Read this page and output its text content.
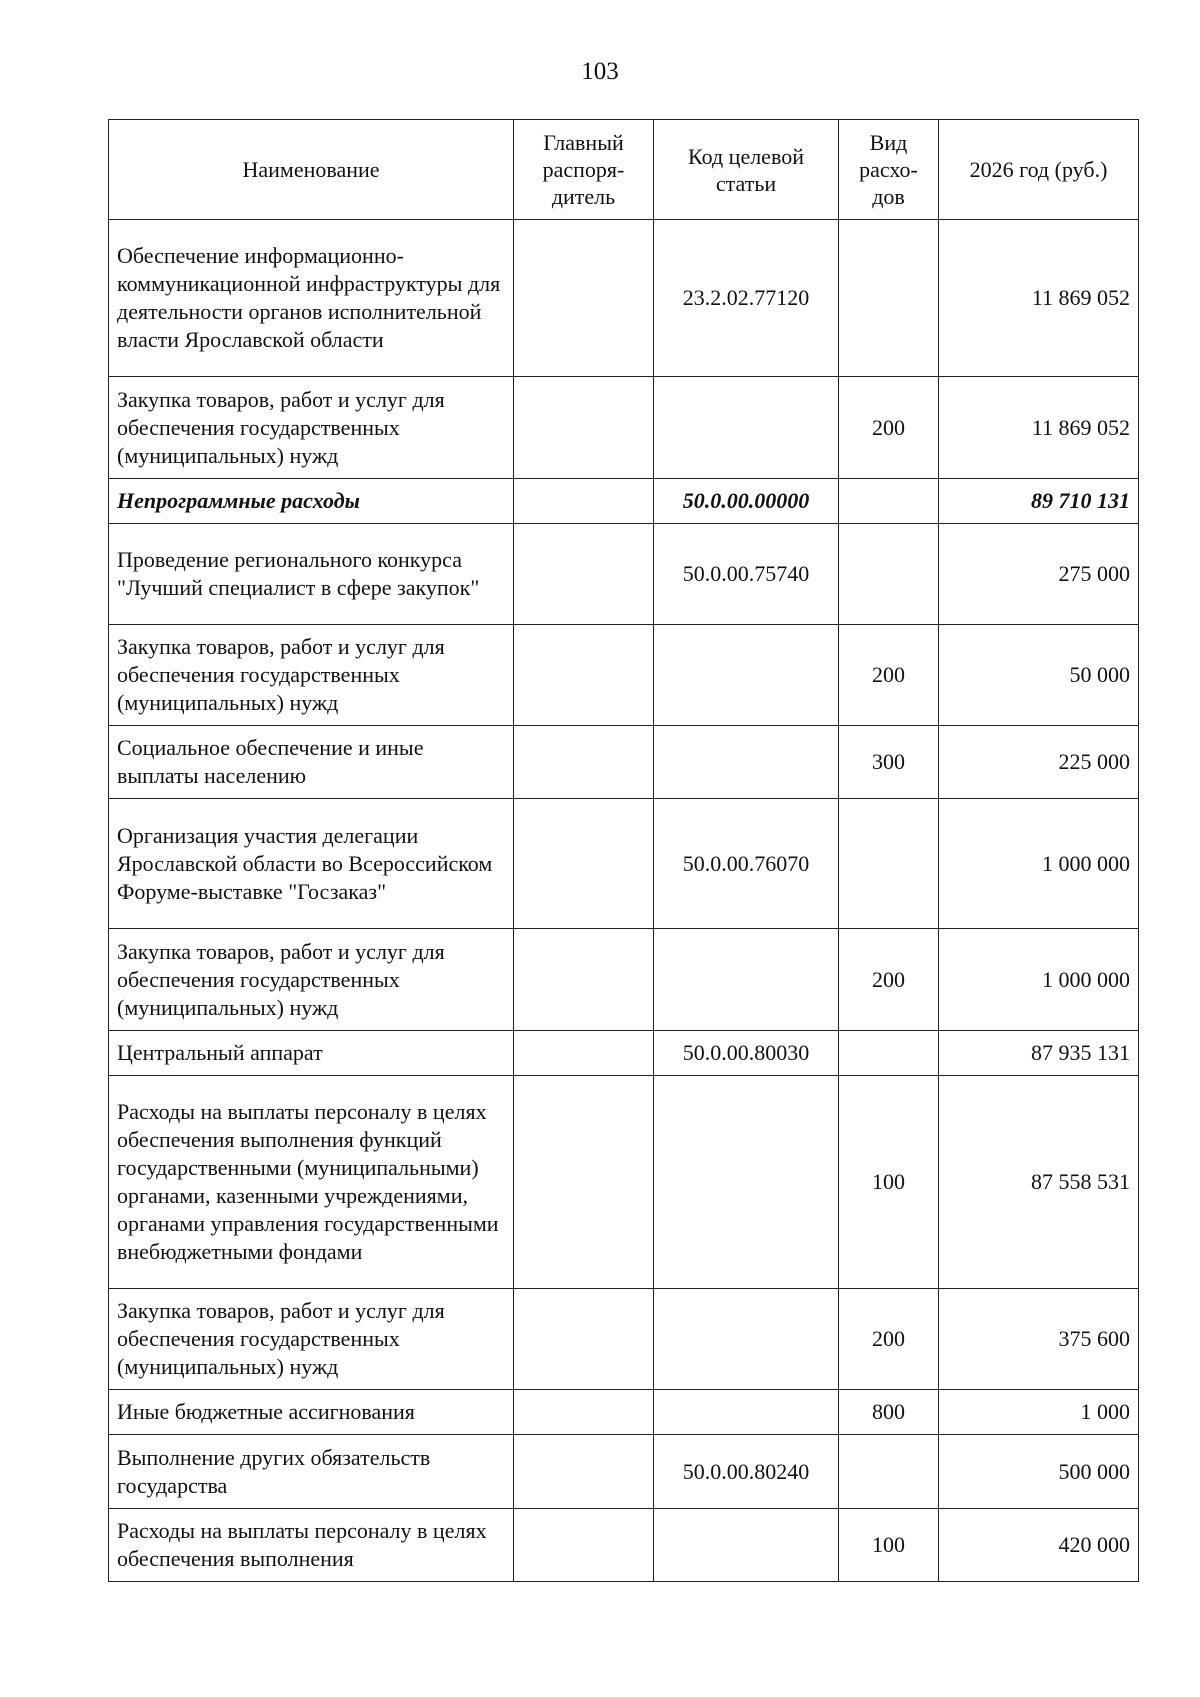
103
Наименование	Главный распоря-дитель	Код целевой статьи	Вид расхо-дов	2026 год (руб.)
Обеспечение информационно-коммуникационной инфраструктуры для деятельности органов исполнительной власти Ярославской области		23.2.02.77120		11 869 052
Закупка товаров, работ и услуг для обеспечения государственных (муниципальных) нужд			200	11 869 052
Непрограммные расходы		50.0.00.00000		89 710 131
Проведение регионального конкурса "Лучший специалист в сфере закупок"		50.0.00.75740		275 000
Закупка товаров, работ и услуг для обеспечения государственных (муниципальных) нужд			200	50 000
Социальное обеспечение и иные выплаты населению			300	225 000
Организация участия делегации Ярославской области во Всероссийском Форуме-выставке "Госзаказ"		50.0.00.76070		1 000 000
Закупка товаров, работ и услуг для обеспечения государственных (муниципальных) нужд			200	1 000 000
Центральный аппарат		50.0.00.80030		87 935 131
Расходы на выплаты персоналу в целях обеспечения выполнения функций государственными (муниципальными) органами, казенными учреждениями, органами управления государственными внебюджетными фондами			100	87 558 531
Закупка товаров, работ и услуг для обеспечения государственных (муниципальных) нужд			200	375 600
Иные бюджетные ассигнования			800	1 000
Выполнение других обязательств государства		50.0.00.80240		500 000
Расходы на выплаты персоналу в целях обеспечения выполнения			100	420 000
